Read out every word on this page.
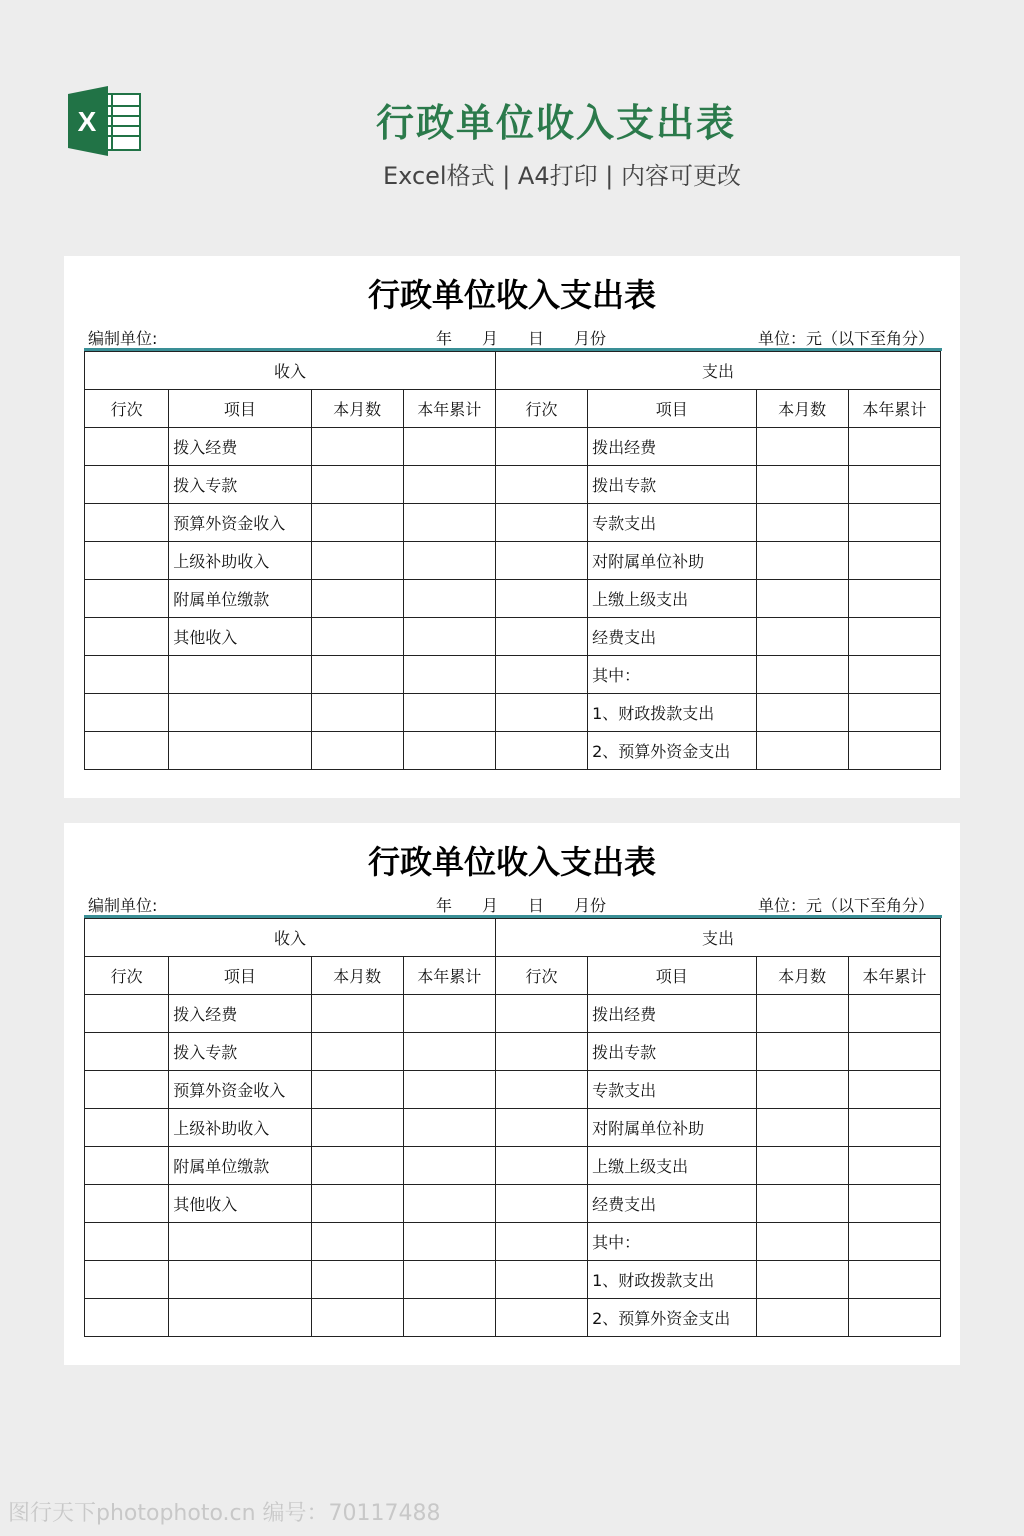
X	行政单位收入支出表
Excel格式 | A4打印 | 内容可更改
行政单位收入支出表
编制单位:	年 月 日 月份	单位：元（以下至角分）
收入				支出			
行次	项目	本月数	本年累计	行次	项目	本月数	本年累计
	拨入经费				拨出经费		
	拨入专款				拨出专款		
	预算外资金收入				专款支出		
	上级补助收入				对附属单位补助		
	附属单位缴款				上缴上级支出		
	其他收入				经费支出		
					其中：		
					1、财政拨款支出		
					2、预算外资金支出		
行政单位收入支出表
编制单位:	年 月 日 月份	单位：元（以下至角分）
收入				支出			
行次	项目	本月数	本年累计	行次	项目	本月数	本年累计
	拨入经费				拨出经费		
	拨入专款				拨出专款		
	预算外资金收入				专款支出		
	上级补助收入				对附属单位补助		
	附属单位缴款				上缴上级支出		
	其他收入				经费支出		
					其中：		
					1、财政拨款支出		
					2、预算外资金支出		
图行天下photophoto.cn 编号：70117488
